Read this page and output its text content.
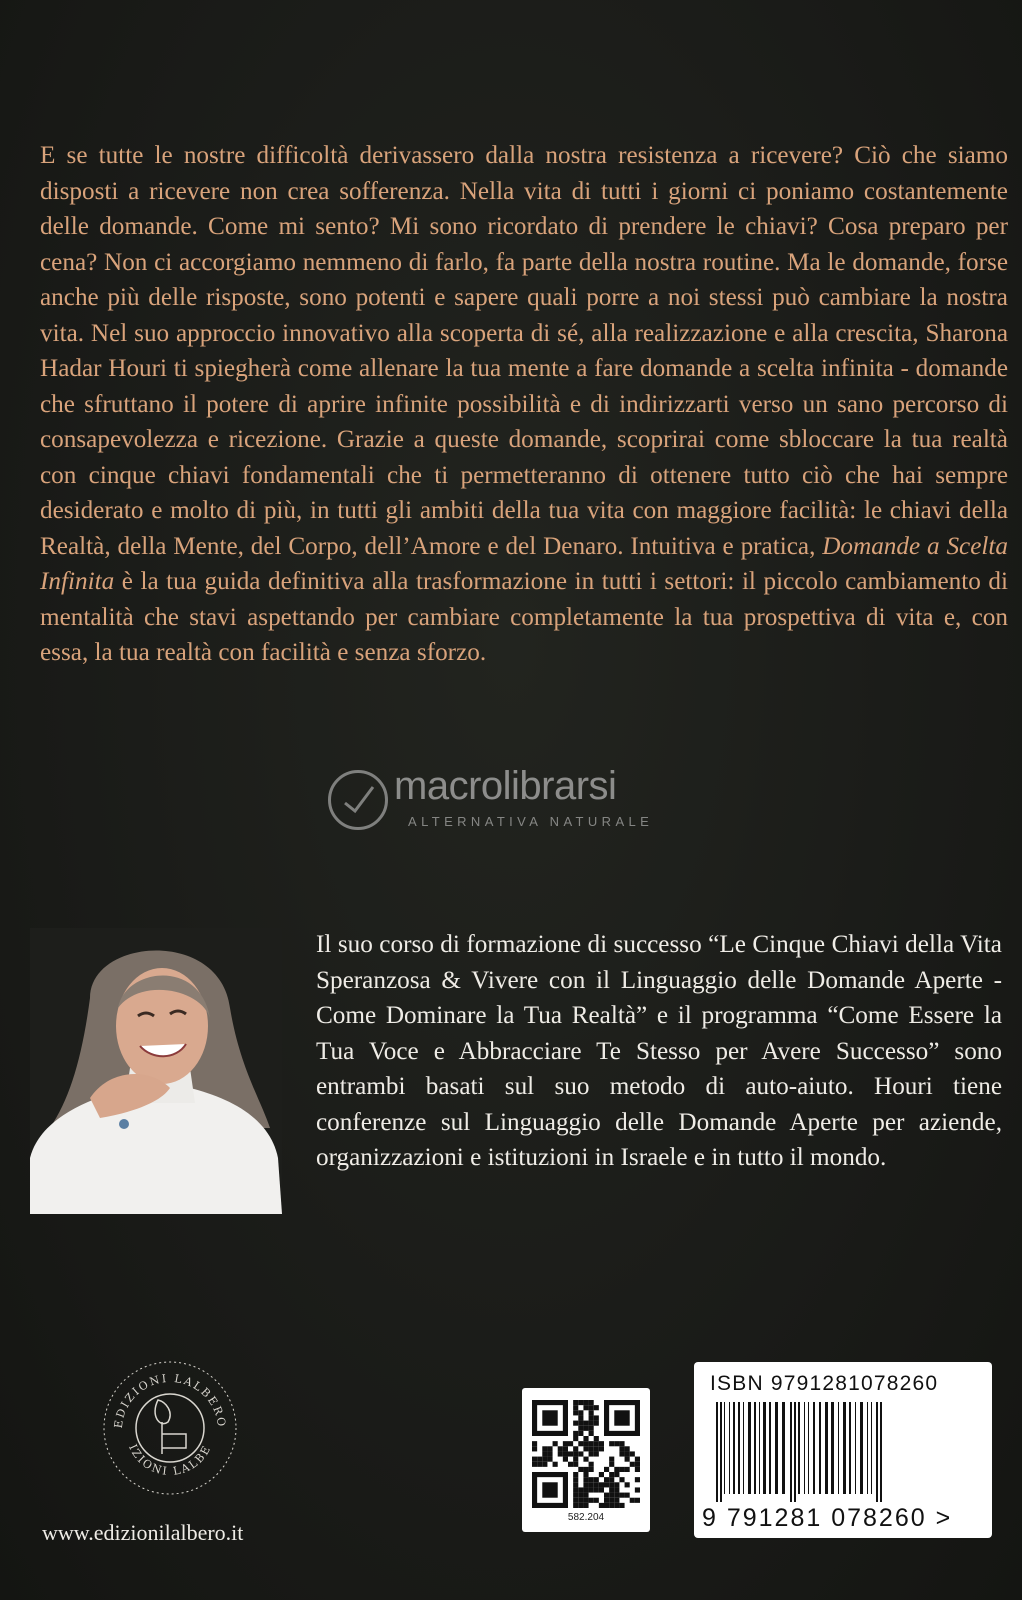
E se tutte le nostre difficoltà derivassero dalla nostra resistenza a ricevere? Ciò che siamo disposti a ricevere non crea sofferenza. Nella vita di tutti i giorni ci poniamo costantemente delle domande. Come mi sento? Mi sono ricordato di prendere le chiavi? Cosa preparo per cena? Non ci accorgiamo nemmeno di farlo, fa parte della nostra routine. Ma le domande, forse anche più delle risposte, sono potenti e sapere quali porre a noi stessi può cambiare la nostra vita. Nel suo approccio innovativo alla scoperta di sé, alla realizzazione e alla crescita, Sharona Hadar Houri ti spiegherà come allenare la tua mente a fare domande a scelta infinita - domande che sfruttano il potere di aprire infinite possibilità e di indirizzarti verso un sano percorso di consapevolezza e ricezione. Grazie a queste domande, scoprirai come sbloccare la tua realtà con cinque chiavi fondamentali che ti permetteranno di ottenere tutto ciò che hai sempre desiderato e molto di più, in tutti gli ambiti della tua vita con maggiore facilità: le chiavi della Realtà, della Mente, del Corpo, dell’Amore e del Denaro. Intuitiva e pratica, Domande a Scelta Infinita è la tua guida definitiva alla trasformazione in tutti i settori: il piccolo cambiamento di mentalità che stavi aspettando per cambiare completamente la tua prospettiva di vita e, con essa, la tua realtà con facilità e senza sforzo.

macrolibrarsi
ALTERNATIVA NATURALE

Il suo corso di formazione di successo “Le Cinque Chiavi della Vita Speranzosa & Vivere con il Linguaggio delle Domande Aperte - Come Dominare la Tua Realtà” e il programma “Come Essere la Tua Voce e Abbracciare Te Stesso per Avere Successo” sono entrambi basati sul suo metodo di auto-aiuto. Houri tiene conferenze sul Linguaggio delle Domande Aperte per aziende, organizzazioni e istituzioni in Israele e in tutto il mondo.

EDIZIONI LALBERO
IZIONI LALBE
www.edizionilalbero.it
582.204
ISBN 9791281078260
9 791281 078260 >
